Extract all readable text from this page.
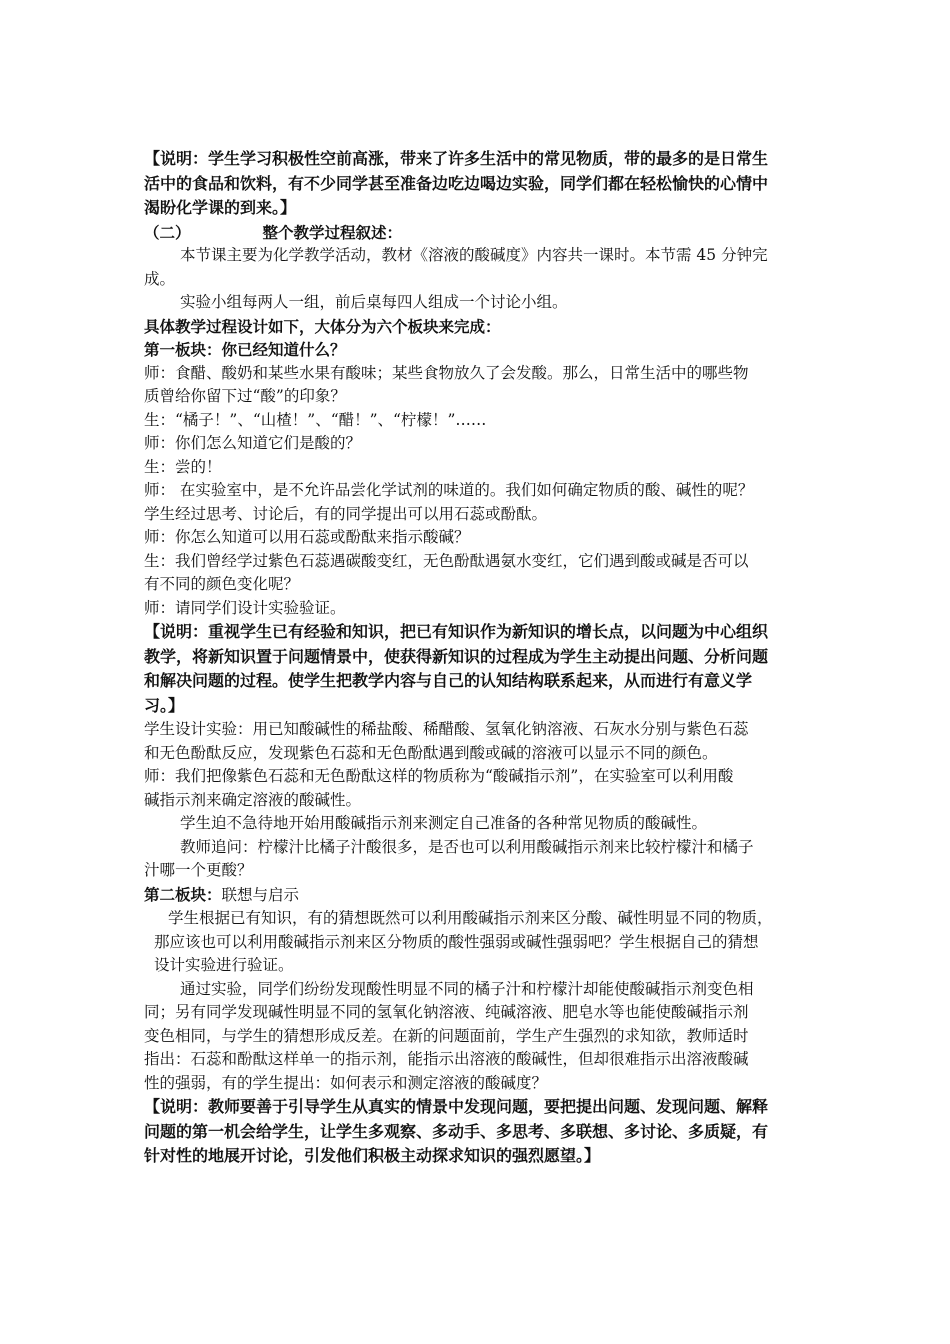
【说明：学生学习积极性空前高涨，带来了许多生活中的常见物质，带的最多的是日常生
活中的食品和饮料，有不少同学甚至准备边吃边喝边实验，同学们都在轻松愉快的心情中
渴盼化学课的到来。】
（二）	整个教学过程叙述：
本节课主要为化学教学活动，教材《溶液的酸碱度》内容共一课时。本节需 45 分钟完
成。
实验小组每两人一组，前后桌每四人组成一个讨论小组。
具体教学过程设计如下，大体分为六个板块来完成：
第一板块：你已经知道什么？
师：食醋、酸奶和某些水果有酸味；某些食物放久了会发酸。那么，日常生活中的哪些物
质曾给你留下过“酸”的印象？
生：“橘子！”、“山楂！”、“醋！”、“柠檬！”……
师：你们怎么知道它们是酸的？
生：尝的！
师： 在实验室中，是不允许品尝化学试剂的味道的。我们如何确定物质的酸、碱性的呢？
学生经过思考、讨论后，有的同学提出可以用石蕊或酚酞。
师：你怎么知道可以用石蕊或酚酞来指示酸碱？
生：我们曾经学过紫色石蕊遇碳酸变红，无色酚酞遇氨水变红，它们遇到酸或碱是否可以
有不同的颜色变化呢？
师：请同学们设计实验验证。
【说明：重视学生已有经验和知识，把已有知识作为新知识的增长点，以问题为中心组织
教学，将新知识置于问题情景中，使获得新知识的过程成为学生主动提出问题、分析问题
和解决问题的过程。使学生把教学内容与自己的认知结构联系起来，从而进行有意义学
习。】
学生设计实验：用已知酸碱性的稀盐酸、稀醋酸、氢氧化钠溶液、石灰水分别与紫色石蕊
和无色酚酞反应，发现紫色石蕊和无色酚酞遇到酸或碱的溶液可以显示不同的颜色。
师：我们把像紫色石蕊和无色酚酞这样的物质称为“酸碱指示剂”，在实验室可以利用酸
碱指示剂来确定溶液的酸碱性。
学生迫不急待地开始用酸碱指示剂来测定自己准备的各种常见物质的酸碱性。
教师追问：柠檬汁比橘子汁酸很多，是否也可以利用酸碱指示剂来比较柠檬汁和橘子
汁哪一个更酸？
第二板块：联想与启示
学生根据已有知识，有的猜想既然可以利用酸碱指示剂来区分酸、碱性明显不同的物质，
那应该也可以利用酸碱指示剂来区分物质的酸性强弱或碱性强弱吧？学生根据自己的猜想
设计实验进行验证。
通过实验，同学们纷纷发现酸性明显不同的橘子汁和柠檬汁却能使酸碱指示剂变色相
同；另有同学发现碱性明显不同的氢氧化钠溶液、纯碱溶液、肥皂水等也能使酸碱指示剂
变色相同，与学生的猜想形成反差。在新的问题面前，学生产生强烈的求知欲，教师适时
指出：石蕊和酚酞这样单一的指示剂，能指示出溶液的酸碱性，但却很难指示出溶液酸碱
性的强弱，有的学生提出：如何表示和测定溶液的酸碱度？
【说明：教师要善于引导学生从真实的情景中发现问题，要把提出问题、发现问题、解释
问题的第一机会给学生，让学生多观察、多动手、多思考、多联想、多讨论、多质疑，有
针对性的地展开讨论，引发他们积极主动探求知识的强烈愿望。】
